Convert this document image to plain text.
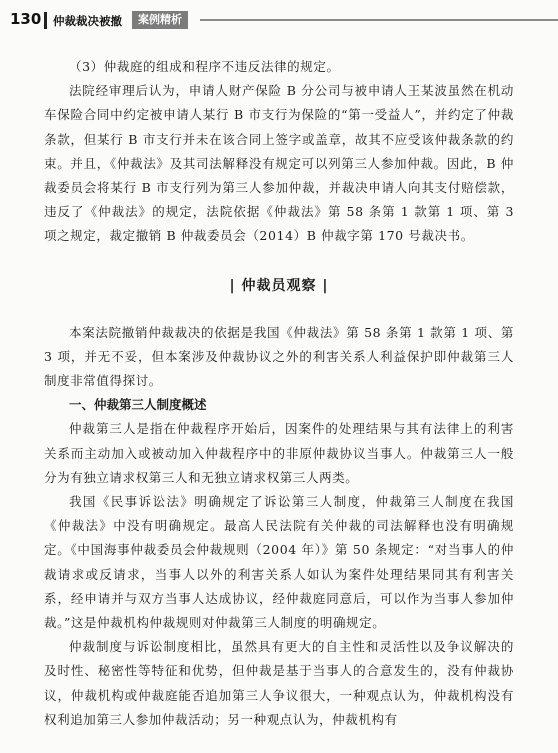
130 仲裁裁决被撤	案例精析

（3）仲裁庭的组成和程序不违反法律的规定。

法院经审理后认为，申请人财产保险 B 分公司与被申请人王某波虽然在机动车保险合同中约定被申请人某行 B 市支行为保险的“第一受益人”，并约定了仲裁条款，但某行 B 市支行并未在该合同上签字或盖章，故其不应受该仲裁条款的约束。并且，《仲裁法》及其司法解释没有规定可以列第三人参加仲裁。因此，B 仲裁委员会将某行 B 市支行列为第三人参加仲裁，并裁决申请人向其支付赔偿款，违反了《仲裁法》的规定，法院依据《仲裁法》第 58 条第 1 款第 1 项、第 3 项之规定，裁定撤销 B 仲裁委员会（2014）B 仲裁字第 170 号裁决书。

| 仲裁员观察 |

本案法院撤销仲裁裁决的依据是我国《仲裁法》第 58 条第 1 款第 1 项、第 3 项，并无不妥，但本案涉及仲裁协议之外的利害关系人利益保护即仲裁第三人制度非常值得探讨。

一、仲裁第三人制度概述

仲裁第三人是指在仲裁程序开始后，因案件的处理结果与其有法律上的利害关系而主动加入或被动加入仲裁程序中的非原仲裁协议当事人。仲裁第三人一般分为有独立请求权第三人和无独立请求权第三人两类。

我国《民事诉讼法》明确规定了诉讼第三人制度，仲裁第三人制度在我国《仲裁法》中没有明确规定。最高人民法院有关仲裁的司法解释也没有明确规定。《中国海事仲裁委员会仲裁规则（2004 年）》第 50 条规定：“对当事人的仲裁请求或反请求，当事人以外的利害关系人如认为案件处理结果同其有利害关系，经申请并与双方当事人达成协议，经仲裁庭同意后，可以作为当事人参加仲裁。”这是仲裁机构仲裁规则对仲裁第三人制度的明确规定。

仲裁制度与诉讼制度相比，虽然具有更大的自主性和灵活性以及争议解决的及时性、秘密性等特征和优势，但仲裁是基于当事人的合意发生的，没有仲裁协议，仲裁机构或仲裁庭能否追加第三人争议很大，一种观点认为，仲裁机构没有权利追加第三人参加仲裁活动；另一种观点认为，仲裁机构有
